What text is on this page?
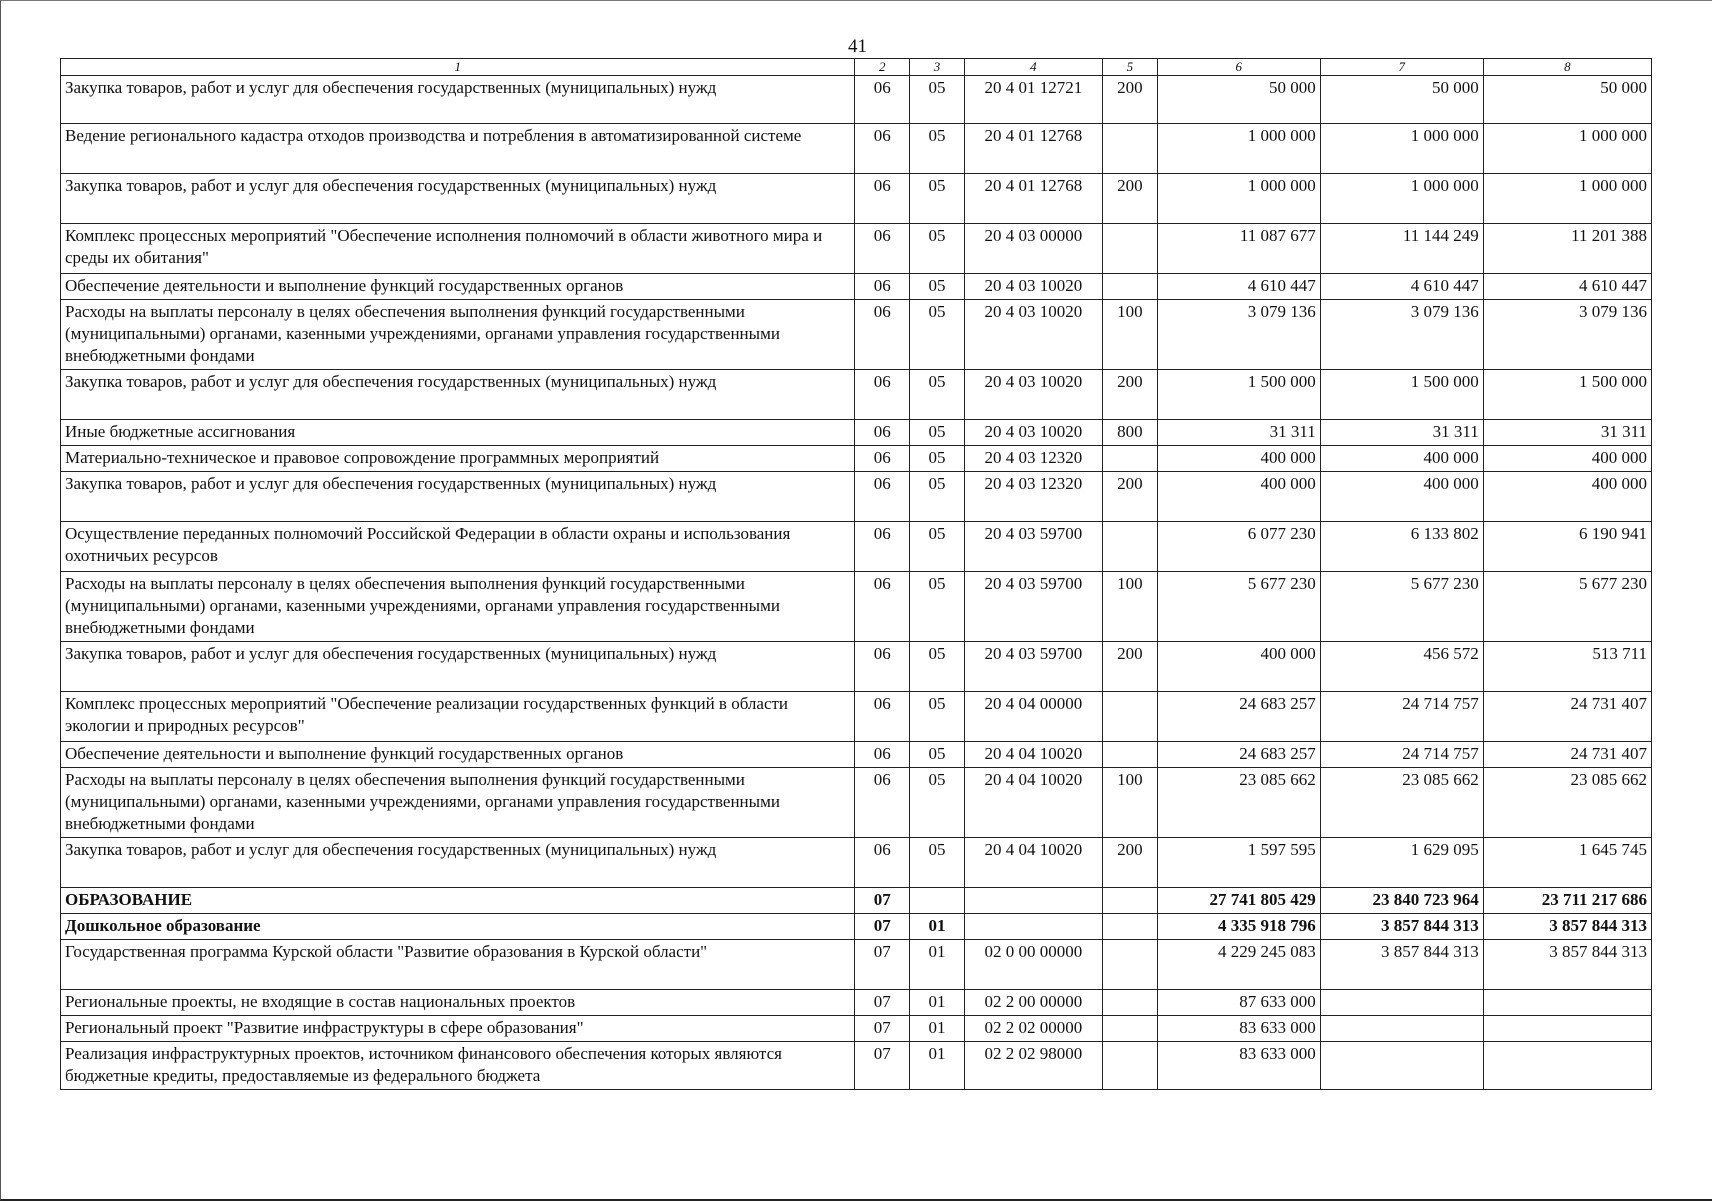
41
1	2	3	4	5	6	7	8
Закупка товаров, работ и услуг для обеспечения государственных (муниципальных) нужд	06	05	20 4 01 12721	200	50 000	50 000	50 000
Ведение регионального кадастра отходов производства и потребления в автоматизированной системе	06	05	20 4 01 12768		1 000 000	1 000 000	1 000 000
Закупка товаров, работ и услуг для обеспечения государственных (муниципальных) нужд	06	05	20 4 01 12768	200	1 000 000	1 000 000	1 000 000
Комплекс процессных мероприятий "Обеспечение исполнения полномочий в области животного мира и среды их обитания"	06	05	20 4 03 00000		11 087 677	11 144 249	11 201 388
Обеспечение деятельности и выполнение функций государственных органов	06	05	20 4 03 10020		4 610 447	4 610 447	4 610 447
Расходы на выплаты персоналу в целях обеспечения выполнения функций государственными (муниципальными) органами, казенными учреждениями, органами управления государственными внебюджетными фондами	06	05	20 4 03 10020	100	3 079 136	3 079 136	3 079 136
Закупка товаров, работ и услуг для обеспечения государственных (муниципальных) нужд	06	05	20 4 03 10020	200	1 500 000	1 500 000	1 500 000
Иные бюджетные ассигнования	06	05	20 4 03 10020	800	31 311	31 311	31 311
Материально-техническое и правовое сопровождение программных мероприятий	06	05	20 4 03 12320		400 000	400 000	400 000
Закупка товаров, работ и услуг для обеспечения государственных (муниципальных) нужд	06	05	20 4 03 12320	200	400 000	400 000	400 000
Осуществление переданных полномочий Российской Федерации в области охраны и использования охотничьих ресурсов	06	05	20 4 03 59700		6 077 230	6 133 802	6 190 941
Расходы на выплаты персоналу в целях обеспечения выполнения функций государственными (муниципальными) органами, казенными учреждениями, органами управления государственными внебюджетными фондами	06	05	20 4 03 59700	100	5 677 230	5 677 230	5 677 230
Закупка товаров, работ и услуг для обеспечения государственных (муниципальных) нужд	06	05	20 4 03 59700	200	400 000	456 572	513 711
Комплекс процессных мероприятий "Обеспечение реализации государственных функций в области экологии и природных ресурсов"	06	05	20 4 04 00000		24 683 257	24 714 757	24 731 407
Обеспечение деятельности и выполнение функций государственных органов	06	05	20 4 04 10020		24 683 257	24 714 757	24 731 407
Расходы на выплаты персоналу в целях обеспечения выполнения функций государственными (муниципальными) органами, казенными учреждениями, органами управления государственными внебюджетными фондами	06	05	20 4 04 10020	100	23 085 662	23 085 662	23 085 662
Закупка товаров, работ и услуг для обеспечения государственных (муниципальных) нужд	06	05	20 4 04 10020	200	1 597 595	1 629 095	1 645 745
ОБРАЗОВАНИЕ	07				27 741 805 429	23 840 723 964	23 711 217 686
Дошкольное образование	07	01			4 335 918 796	3 857 844 313	3 857 844 313
Государственная программа Курской области "Развитие образования в Курской области"	07	01	02 0 00 00000		4 229 245 083	3 857 844 313	3 857 844 313
Региональные проекты, не входящие в состав национальных проектов	07	01	02 2 00 00000		87 633 000		
Региональный проект "Развитие инфраструктуры в сфере образования"	07	01	02 2 02 00000		83 633 000		
Реализация инфраструктурных проектов, источником финансового обеспечения которых являются бюджетные кредиты, предоставляемые из федерального бюджета	07	01	02 2 02 98000		83 633 000		
